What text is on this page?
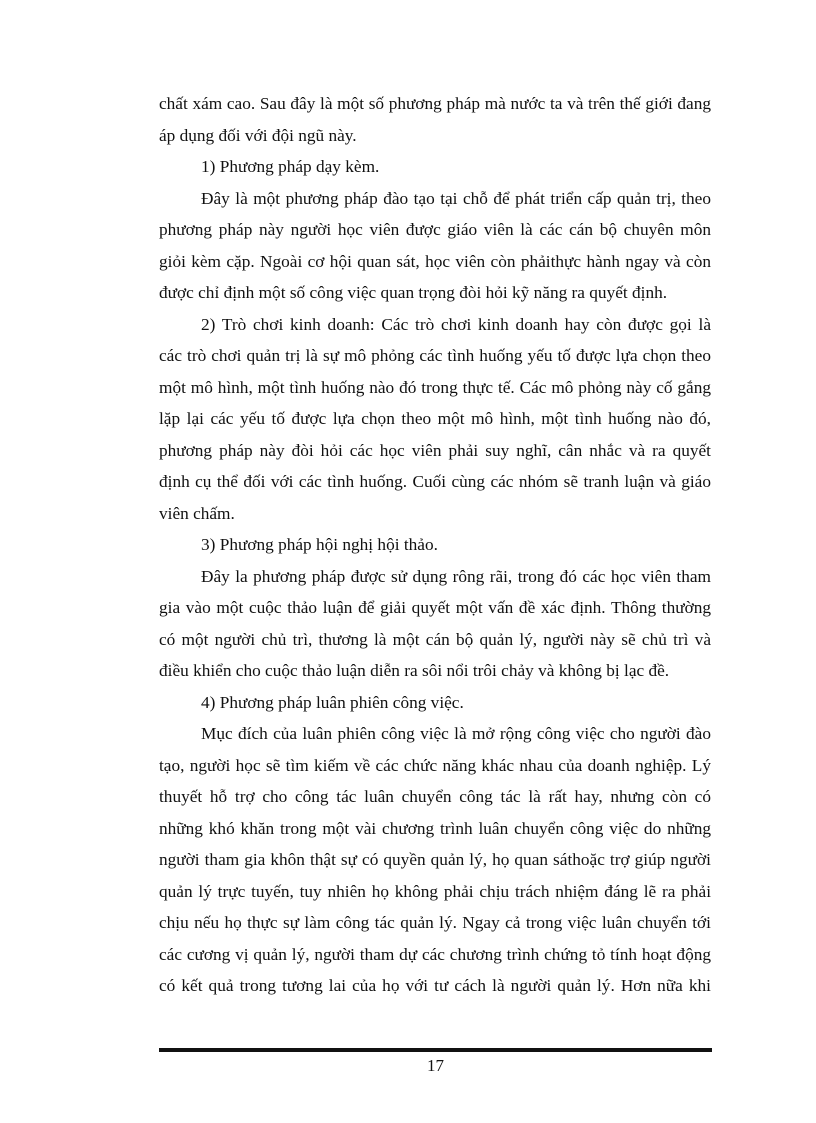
chất xám cao. Sau đây là một số phương pháp mà nước ta và trên thế giới đang
áp dụng đối với đội ngũ này.
1) Phương pháp dạy kèm.
Đây là một phương pháp đào tạo tại chỗ để phát triển cấp quản trị, theo
phương pháp này người học viên được giáo viên là các cán bộ chuyên môn
giỏi kèm cặp. Ngoài cơ hội quan sát, học viên còn phảithực hành ngay và còn
được chỉ định một số công việc quan trọng đòi hỏi kỹ năng ra quyết định.
2) Trò chơi kinh doanh: Các trò chơi kinh doanh hay còn được gọi là
các trò chơi quản trị là sự mô phỏng các tình huống yếu tố được lựa chọn theo
một mô hình, một tình huống nào đó trong thực tế. Các mô phỏng này cố gắng
lặp lại các yếu tố được lựa chọn theo một mô hình, một tình huống nào đó,
phương pháp này đòi hỏi các học viên phải suy nghĩ, cân nhắc và ra quyết
định cụ thể đối với các tình huống. Cuối cùng các nhóm sẽ tranh luận và giáo
viên chấm.
3) Phương pháp hội nghị hội thảo.
Đây la phương pháp được sử dụng rông rãi, trong đó các học viên tham
gia vào một cuộc thảo luận để giải quyết một vấn đề xác định. Thông thường
có một người chủ trì, thương là một cán bộ quản lý, người này sẽ chủ trì và
điều khiển cho cuộc thảo luận diễn ra sôi nổi trôi chảy và không bị lạc đề.
4) Phương pháp luân phiên công việc.
Mục đích của luân phiên công việc là mở rộng công việc cho người đào
tạo, người học sẽ tìm kiếm về các chức năng khác nhau của doanh nghiệp. Lý
thuyết hỗ trợ cho công tác luân chuyển công tác là rất hay, nhưng còn có
những khó khăn trong một vài chương trình luân chuyển công việc do những
người tham gia khôn thật sự có quyền quản lý, họ quan sáthoặc trợ giúp người
quản lý trực tuyến, tuy nhiên họ không phải chịu trách nhiệm đáng lẽ ra phải
chịu nếu họ thực sự làm công tác quản lý. Ngay cả trong việc luân chuyển tới
các cương vị quản lý, người tham dự các chương trình chứng tỏ tính hoạt động
có kết quả trong tương lai của họ với tư cách là người quản lý. Hơn nữa khi
17
